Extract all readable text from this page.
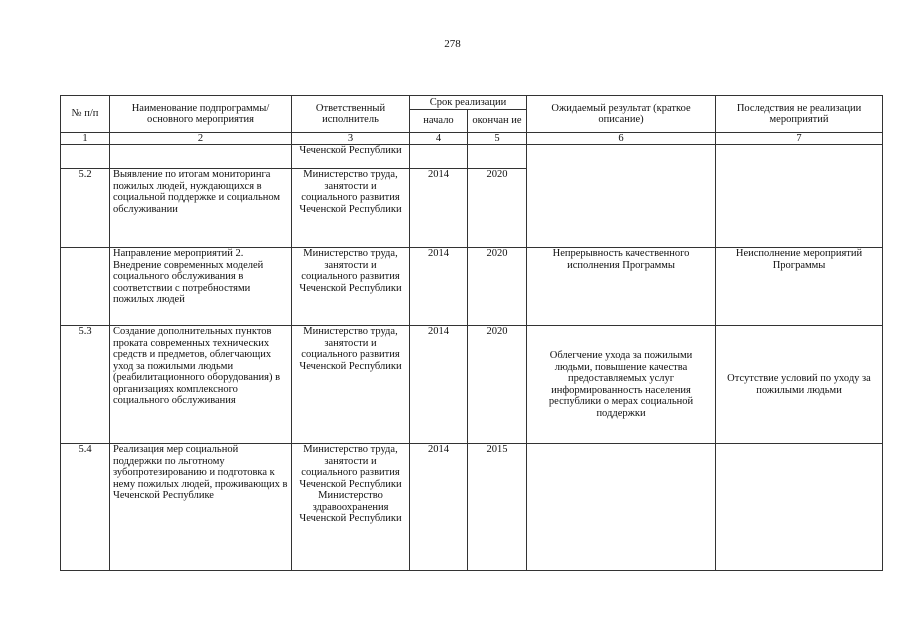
278
№ п/п	Наименование подпрограммы/ основного мероприятия	Ответственный исполнитель	Срок реализации		Ожидаемый результат (краткое описание)	Последствия не реализации мероприятий
			начало	окончан ие		
1	2	3	4	5	6	7
		Чеченской Республики				
5.2	Выявление по итогам мониторинга пожилых людей, нуждающихся в социальной поддержке и социальном обслуживании	Министерство труда, занятости и социального развития Чеченской Республики	2014	2020		
	Направление мероприятий 2. Внедрение современных моделей социального обслуживания в соответствии с потребностями пожилых людей	Министерство труда, занятости и социального развития Чеченской Республики	2014	2020	Непрерывность качественного исполнения Программы	Неисполнение мероприятий Программы
5.3	Создание дополнительных пунктов проката современных технических средств и предметов, облегчающих уход за пожилыми людьми (реабилитационного оборудования) в организациях комплексного социального обслуживания	Министерство труда, занятости и социального развития Чеченской Республики	2014	2020	Облегчение ухода за пожилыми людьми, повышение качества предоставляемых услуг информированность населения республики о мерах социальной поддержки	Отсутствие условий по уходу за пожилыми людьми
5.4	Реализация мер социальной поддержки по льготному зубопротезированию и подготовка к нему пожилых людей, проживающих в Чеченской Республике	Министерство труда, занятости и социального развития Чеченской Республики Министерство здравоохранения Чеченской Республики	2014	2015		
